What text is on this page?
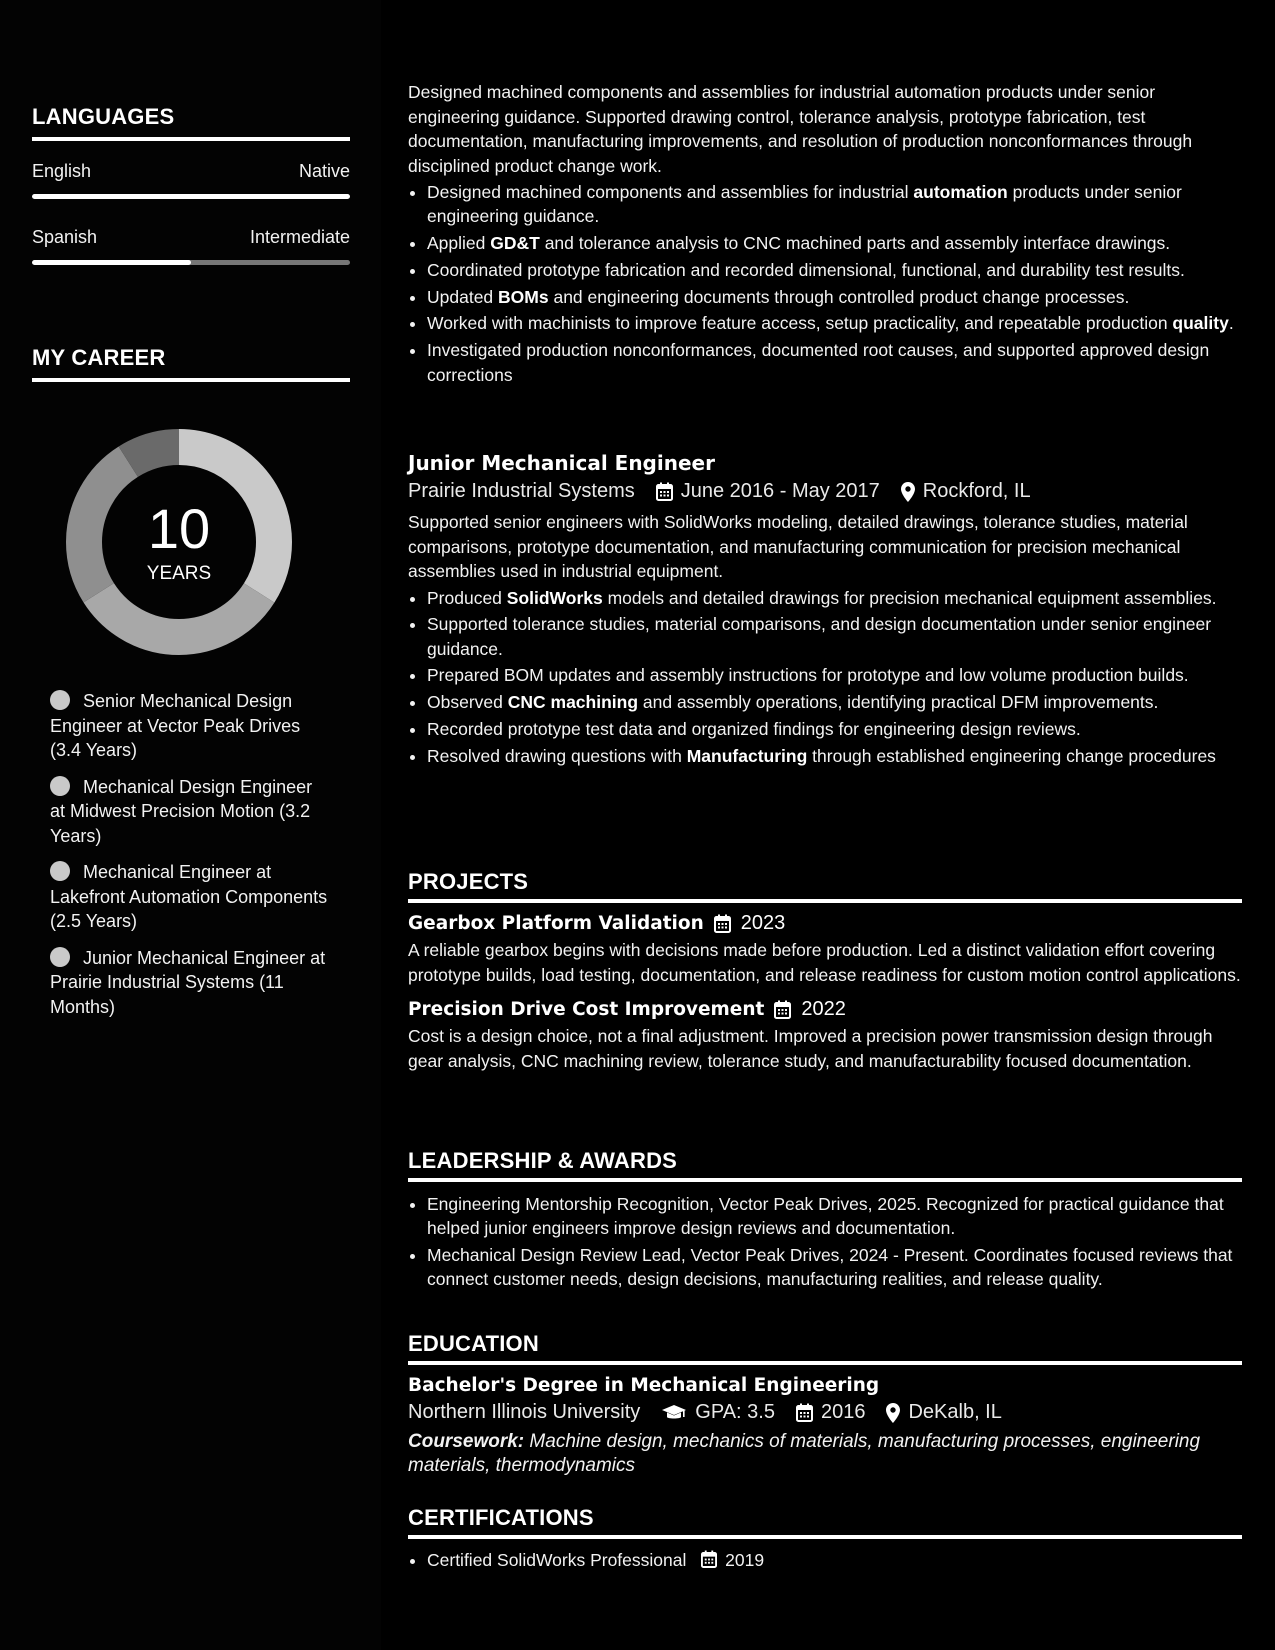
LANGUAGES
English	Native
Spanish	Intermediate
MY CAREER
10
YEARS
Senior Mechanical Design Engineer at Vector Peak Drives (3.4 Years)
Mechanical Design Engineer at Midwest Precision Motion (3.2 Years)
Mechanical Engineer at Lakefront Automation Components (2.5 Years)
Junior Mechanical Engineer at Prairie Industrial Systems (11 Months)

Designed machined components and assemblies for industrial automation products under senior engineering guidance. Supported drawing control, tolerance analysis, prototype fabrication, test documentation, manufacturing improvements, and resolution of production nonconformances through disciplined product change work.

• Designed machined components and assemblies for industrial automation products under senior engineering guidance.
• Applied GD&T and tolerance analysis to CNC machined parts and assembly interface drawings.
• Coordinated prototype fabrication and recorded dimensional, functional, and durability test results.
• Updated BOMs and engineering documents through controlled product change processes.
• Worked with machinists to improve feature access, setup practicality, and repeatable production quality.
• Investigated production nonconformances, documented root causes, and supported approved design corrections
Junior Mechanical Engineer
Prairie Industrial Systems June 2016 - May 2017 Rockford, IL

Supported senior engineers with SolidWorks modeling, detailed drawings, tolerance studies, material comparisons, prototype documentation, and manufacturing communication for precision mechanical assemblies used in industrial equipment.

• Produced SolidWorks models and detailed drawings for precision mechanical equipment assemblies.
• Supported tolerance studies, material comparisons, and design documentation under senior engineer guidance.
• Prepared BOM updates and assembly instructions for prototype and low volume production builds.
• Observed CNC machining and assembly operations, identifying practical DFM improvements.
• Recorded prototype test data and organized findings for engineering design reviews.
• Resolved drawing questions with Manufacturing through established engineering change procedures
PROJECTS
Gearbox Platform Validation 2023

A reliable gearbox begins with decisions made before production. Led a distinct validation effort covering prototype builds, load testing, documentation, and release readiness for custom motion control applications.

Precision Drive Cost Improvement 2022

Cost is a design choice, not a final adjustment. Improved a precision power transmission design through gear analysis, CNC machining review, tolerance study, and manufacturability focused documentation.

LEADERSHIP & AWARDS
• Engineering Mentorship Recognition, Vector Peak Drives, 2025. Recognized for practical guidance that helped junior engineers improve design reviews and documentation.
• Mechanical Design Review Lead, Vector Peak Drives, 2024 - Present. Coordinates focused reviews that connect customer needs, design decisions, manufacturing realities, and release quality.
EDUCATION
Bachelor's Degree in Mechanical Engineering
Northern Illinois University	GPA: 3.5 2016 DeKalb, IL

Coursework: Machine design, mechanics of materials, manufacturing processes, engineering materials, thermodynamics

CERTIFICATIONS
• Certified SolidWorks Professional 2019
